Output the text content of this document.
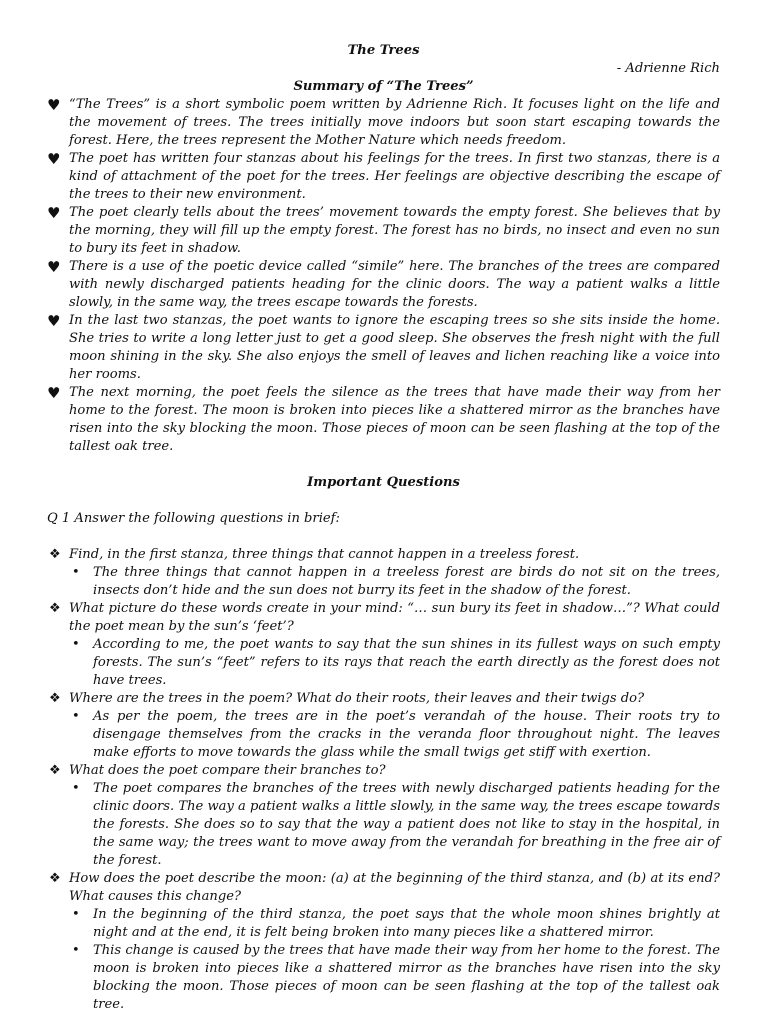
The Trees
- Adrienne Rich
Summary of “The Trees”
♥ “The Trees” is a short symbolic poem written by Adrienne Rich. It focuses light on the life and the movement of trees. The trees initially move indoors but soon start escaping towards the forest. Here, the trees represent the Mother Nature which needs freedom.
♥ The poet has written four stanzas about his feelings for the trees. In first two stanzas, there is a kind of attachment of the poet for the trees. Her feelings are objective describing the escape of the trees to their new environment.
♥ The poet clearly tells about the trees’ movement towards the empty forest. She believes that by the morning, they will fill up the empty forest. The forest has no birds, no insect and even no sun to bury its feet in shadow.
♥ There is a use of the poetic device called “simile” here. The branches of the trees are compared with newly discharged patients heading for the clinic doors. The way a patient walks a little slowly, in the same way, the trees escape towards the forests.
♥ In the last two stanzas, the poet wants to ignore the escaping trees so she sits inside the home. She tries to write a long letter just to get a good sleep. She observes the fresh night with the full moon shining in the sky. She also enjoys the smell of leaves and lichen reaching like a voice into her rooms.
♥ The next morning, the poet feels the silence as the trees that have made their way from her home to the forest. The moon is broken into pieces like a shattered mirror as the branches have risen into the sky blocking the moon. Those pieces of moon can be seen flashing at the top of the tallest oak tree.
Important Questions
Q 1 Answer the following questions in brief:
❖ Find, in the first stanza, three things that cannot happen in a treeless forest.
• The three things that cannot happen in a treeless forest are birds do not sit on the trees, insects don’t hide and the sun does not burry its feet in the shadow of the forest.
❖ What picture do these words create in your mind: “… sun bury its feet in shadow…”? What could the poet mean by the sun’s ‘feet’?
• According to me, the poet wants to say that the sun shines in its fullest ways on such empty forests. The sun’s “feet” refers to its rays that reach the earth directly as the forest does not have trees.
❖ Where are the trees in the poem? What do their roots, their leaves and their twigs do?
• As per the poem, the trees are in the poet’s verandah of the house. Their roots try to disengage themselves from the cracks in the veranda floor throughout night. The leaves make efforts to move towards the glass while the small twigs get stiff with exertion.
❖ What does the poet compare their branches to?
• The poet compares the branches of the trees with newly discharged patients heading for the clinic doors. The way a patient walks a little slowly, in the same way, the trees escape towards the forests. She does so to say that the way a patient does not like to stay in the hospital, in the same way; the trees want to move away from the verandah for breathing in the free air of the forest.
❖ How does the poet describe the moon: (a) at the beginning of the third stanza, and (b) at its end? What causes this change?
• In the beginning of the third stanza, the poet says that the whole moon shines brightly at night and at the end, it is felt being broken into many pieces like a shattered mirror.
• This change is caused by the trees that have made their way from her home to the forest. The moon is broken into pieces like a shattered mirror as the branches have risen into the sky blocking the moon. Those pieces of moon can be seen flashing at the top of the tallest oak tree.
